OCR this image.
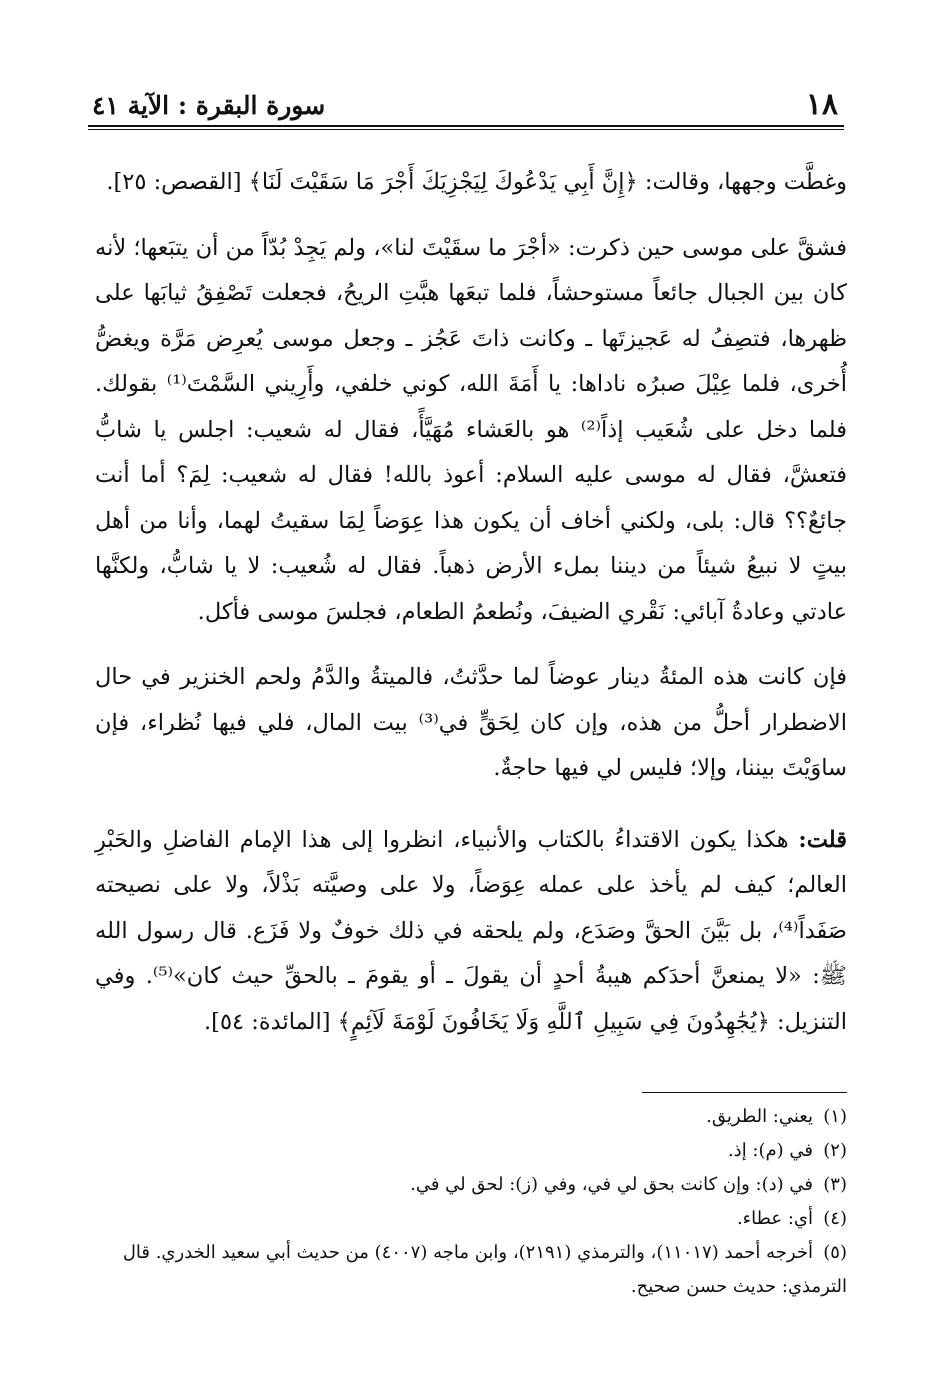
١٨
سورة البقرة : الآية ٤١

وغطَّت وجهها، وقالت: ﴿إِنَّ أَبِي يَدْعُوكَ لِيَجْزِيَكَ أَجْرَ مَا سَقَيْتَ لَنَا﴾ [القصص: ٢٥].

فشقَّ على موسى حين ذكرت: «أجْرَ ما سقَيْتَ لنا»، ولم يَجِدْ بُدّاً من أن يتبَعها؛ لأنه كان بين الجبال جائعاً مستوحشاً، فلما تبعَها هبَّتِ الريحُ، فجعلت تَصْفِقُ ثيابَها على ظهرها، فتصِفُ له عَجيزتَها ـ وكانت ذاتَ عَجُز ـ وجعل موسى يُعرِض مَرَّة ويغضُّ أُخرى، فلما عِيْلَ صبرُه ناداها: يا أَمَةَ الله، كوني خلفي، وأَرِيني السَّمْتَ⁽¹⁾ بقولك. فلما دخل على شُعَيب إذاً⁽²⁾ هو بالعَشاء مُهَيَّأً، فقال له شعيب: اجلس يا شابُّ فتعشَّ، فقال له موسى عليه السلام: أعوذ بالله! فقال له شعيب: لِمَ؟ أما أنت جائعٌ؟؟ قال: بلى، ولكني أخاف أن يكون هذا عِوَضاً لِمَا سقيتُ لهما، وأنا من أهل بيتٍ لا نبيعُ شيئاً من ديننا بملء الأرض ذهباً. فقال له شُعيب: لا يا شابُّ، ولكنَّها عادتي وعادةُ آبائي: نَقْري الضيفَ، ونُطعمُ الطعام، فجلسَ موسى فأكل.

فإن كانت هذه المئةُ دينار عوضاً لما حدَّثتُ، فالميتةُ والدَّمُ ولحم الخنزير في حال الاضطرار أحلُّ من هذه، وإن كان لِحَقٍّ في⁽³⁾ بيت المال، فلي فيها نُظراء، فإن ساوَيْتَ بيننا، وإلا؛ فليس لي فيها حاجةٌ.

قلت: هكذا يكون الاقتداءُ بالكتاب والأنبياء، انظروا إلى هذا الإمام الفاضلِ والحَبْرِ العالم؛ كيف لم يأخذ على عمله عِوَضاً، ولا على وصيَّته بَذْلاً، ولا على نصيحته صَفَداً⁽⁴⁾، بل بَيَّنَ الحقَّ وصَدَع، ولم يلحقه في ذلك خوفٌ ولا فَزَع. قال رسول الله ﷺ: «لا يمنعنَّ أحدَكم هيبةُ أحدٍ أن يقولَ ـ أو يقومَ ـ بالحقِّ حيث كان»⁽⁵⁾. وفي التنزيل: ﴿يُجَٰهِدُونَ فِي سَبِيلِ ٱللَّهِ وَلَا يَخَافُونَ لَوْمَةَ لَآئِمٍ﴾ [المائدة: ٥٤].

(١)يعني: الطريق.

(٢)في (م): إذ.

(٣)في (د): وإن كانت بحق لي في، وفي (ز): لحق لي في.

(٤)أي: عطاء.

(٥)أخرجه أحمد (١١٠١٧)، والترمذي (٢١٩١)، وابن ماجه (٤٠٠٧) من حديث أبي سعيد الخدري. قال الترمذي: حديث حسن صحيح.
